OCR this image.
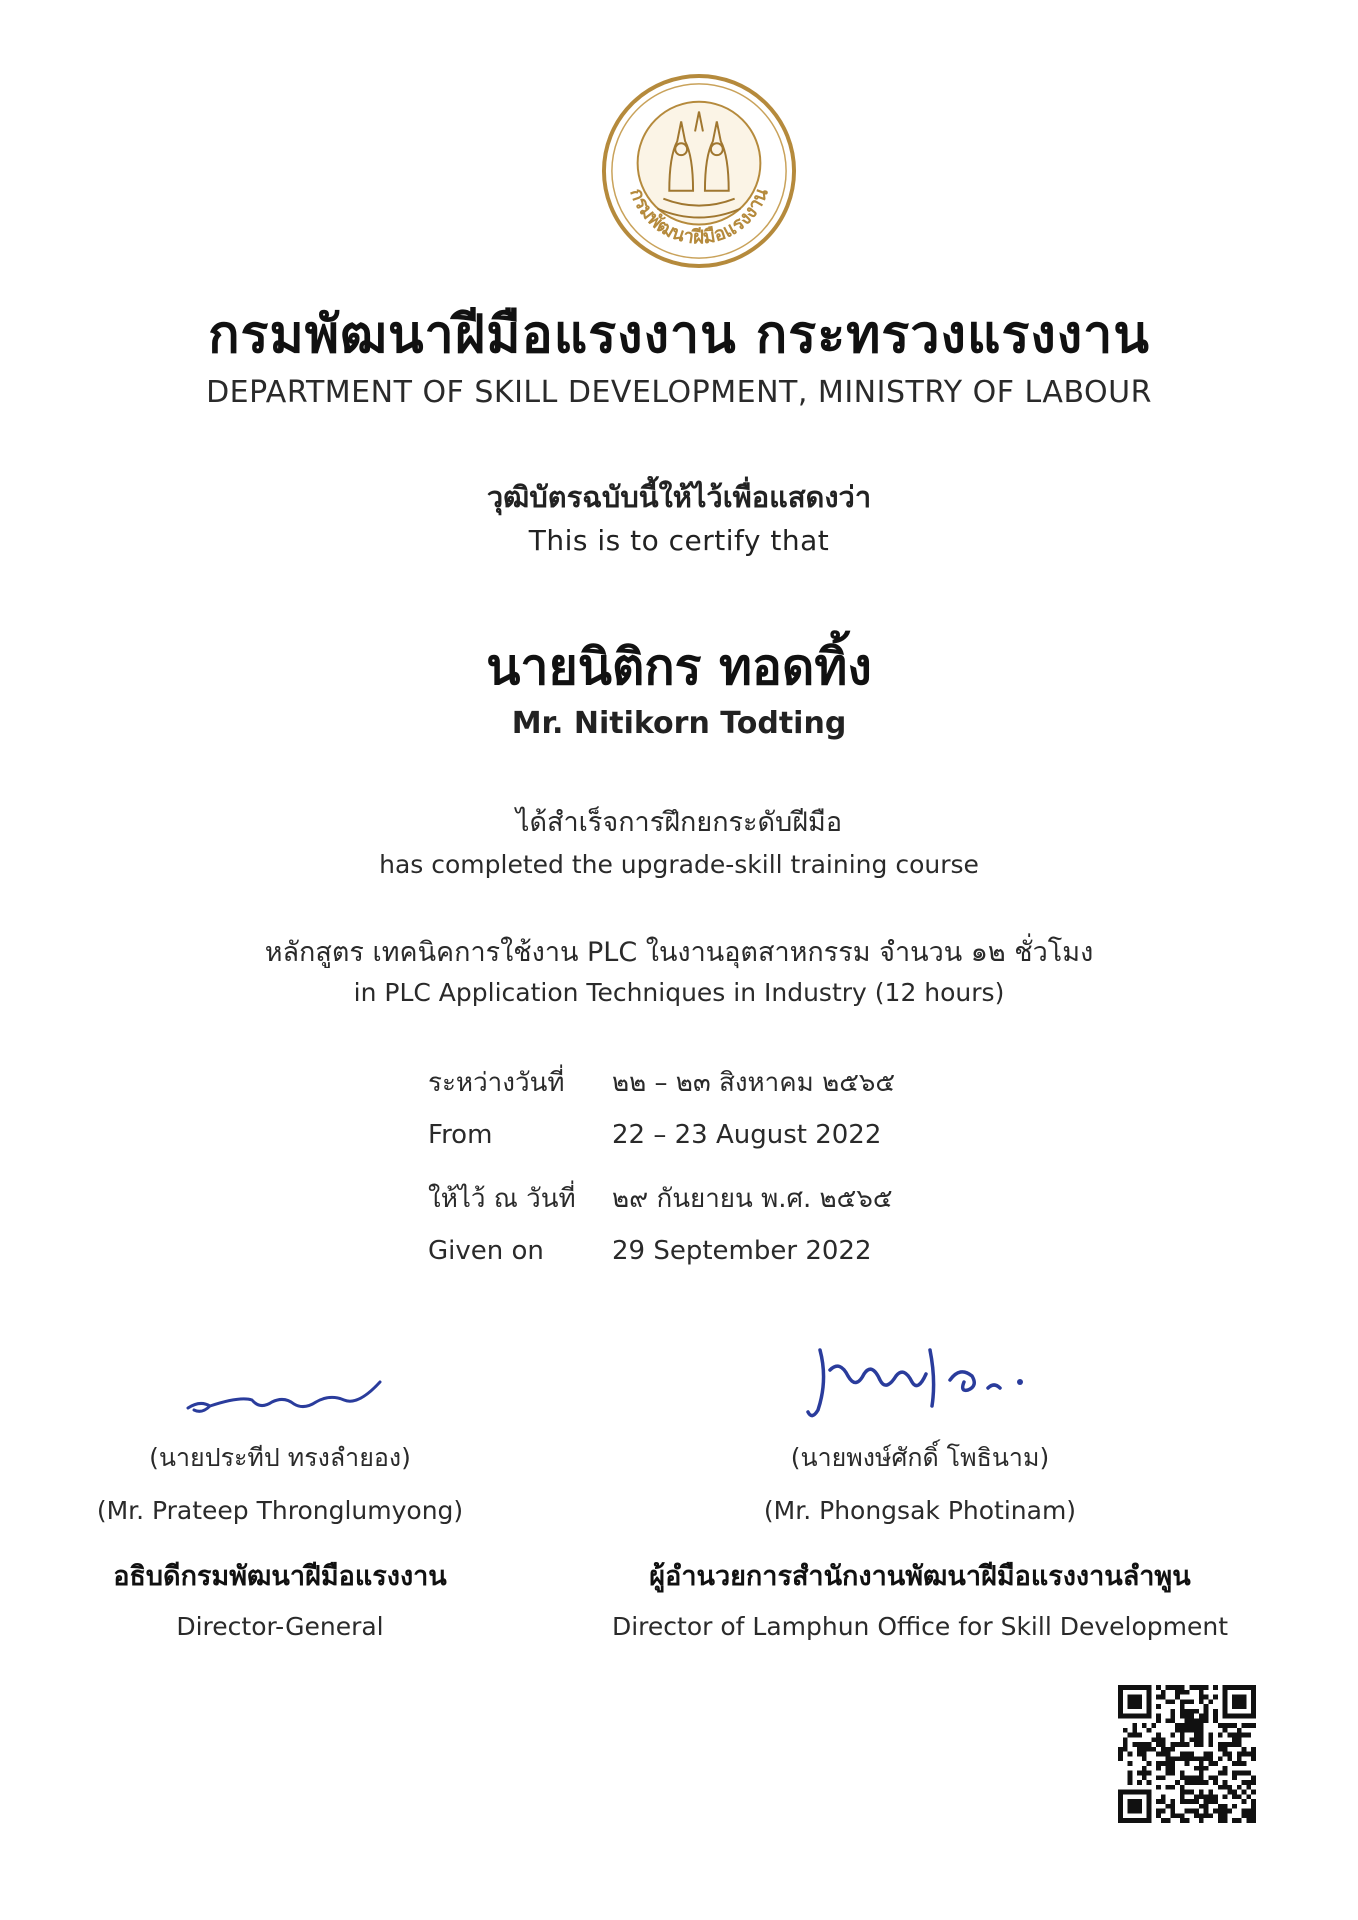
กรมพัฒนาฝีมือแรงงาน
กรมพัฒนาฝีมือแรงงาน กระทรวงแรงงาน
DEPARTMENT OF SKILL DEVELOPMENT, MINISTRY OF LABOUR
วุฒิบัตรฉบับนี้ให้ไว้เพื่อแสดงว่า
This is to certify that
นายนิติกร ทอดทิ้ง
Mr. Nitikorn Todting
ได้สำเร็จการฝึกยกระดับฝีมือ
has completed the upgrade-skill training course
หลักสูตร เทคนิคการใช้งาน PLC ในงานอุตสาหกรรม จำนวน ๑๒ ชั่วโมง
in PLC Application Techniques in Industry (12 hours)
ระหว่างวันที่ ๒๒ – ๒๓ สิงหาคม ๒๕๖๕
From	22 – 23 August 2022
ให้ไว้ ณ วันที่ ๒๙ กันยายน พ.ศ. ๒๕๖๕
Given on	29 September 2022
(นายประทีป ทรงลำยอง)
(Mr. Prateep Thronglumyong)
อธิบดีกรมพัฒนาฝีมือแรงงาน
Director-General
(นายพงษ์ศักดิ์ โพธินาม)
(Mr. Phongsak Photinam)
ผู้อำนวยการสำนักงานพัฒนาฝีมือแรงงานลำพูน
Director of Lamphun Office for Skill Development
